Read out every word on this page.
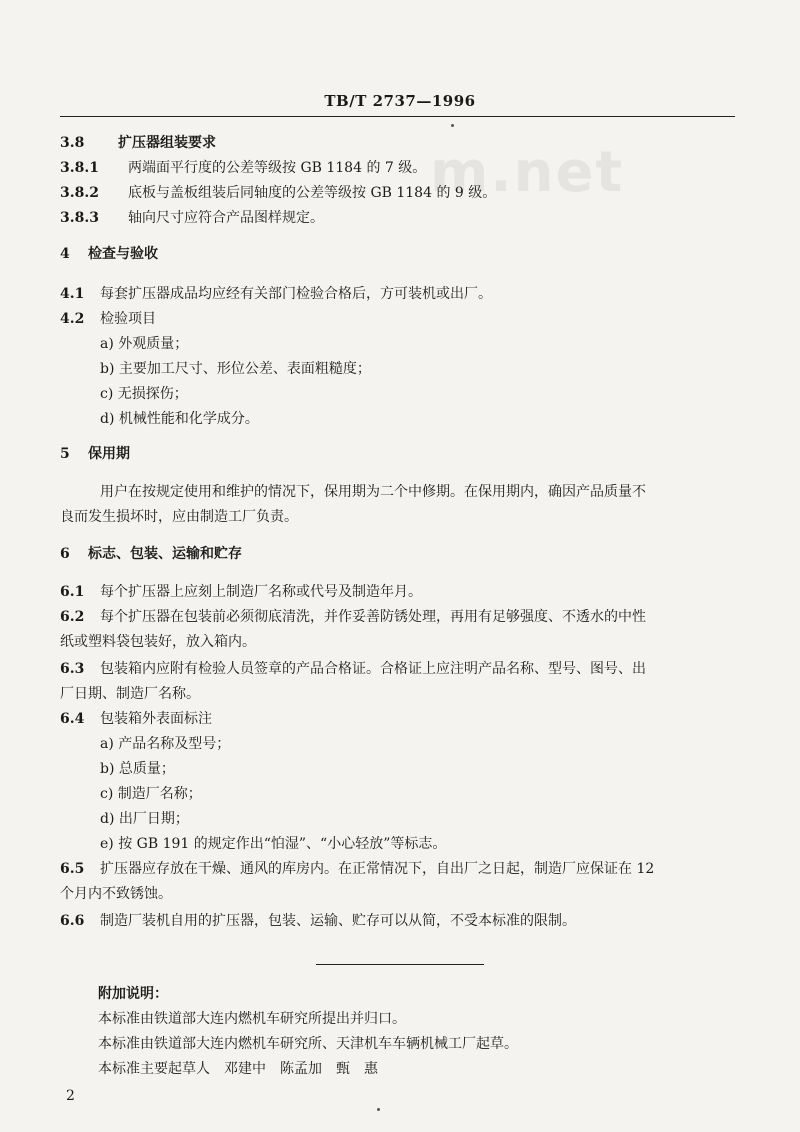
m.net
TB/T 2737—1996
3.8 扩压器组装要求
3.8.1 两端面平行度的公差等级按 GB 1184 的 7 级。
3.8.2 底板与盖板组装后同轴度的公差等级按 GB 1184 的 9 级。
3.8.3 轴向尺寸应符合产品图样规定。
4 检查与验收
4.1 每套扩压器成品均应经有关部门检验合格后，方可装机或出厂。
4.2 检验项目
a) 外观质量；
b) 主要加工尺寸、形位公差、表面粗糙度；
c) 无损探伤；
d) 机械性能和化学成分。
5 保用期
用户在按规定使用和维护的情况下，保用期为二个中修期。在保用期内，确因产品质量不
良而发生损坏时，应由制造工厂负责。
6 标志、包装、运输和贮存
6.1 每个扩压器上应刻上制造厂名称或代号及制造年月。
6.2 每个扩压器在包装前必须彻底清洗，并作妥善防锈处理，再用有足够强度、不透水的中性
纸或塑料袋包装好，放入箱内。
6.3 包装箱内应附有检验人员签章的产品合格证。合格证上应注明产品名称、型号、图号、出
厂日期、制造厂名称。
6.4 包装箱外表面标注
a) 产品名称及型号；
b) 总质量；
c) 制造厂名称；
d) 出厂日期；
e) 按 GB 191 的规定作出“怕湿”、“小心轻放”等标志。
6.5 扩压器应存放在干燥、通风的库房内。在正常情况下，自出厂之日起，制造厂应保证在 12
个月内不致锈蚀。
6.6 制造厂装机自用的扩压器，包装、运输、贮存可以从简，不受本标准的限制。
附加说明：
本标准由铁道部大连内燃机车研究所提出并归口。
本标准由铁道部大连内燃机车研究所、天津机车车辆机械工厂起草。
本标准主要起草人　邓建中　陈孟加　甄　惠
2
